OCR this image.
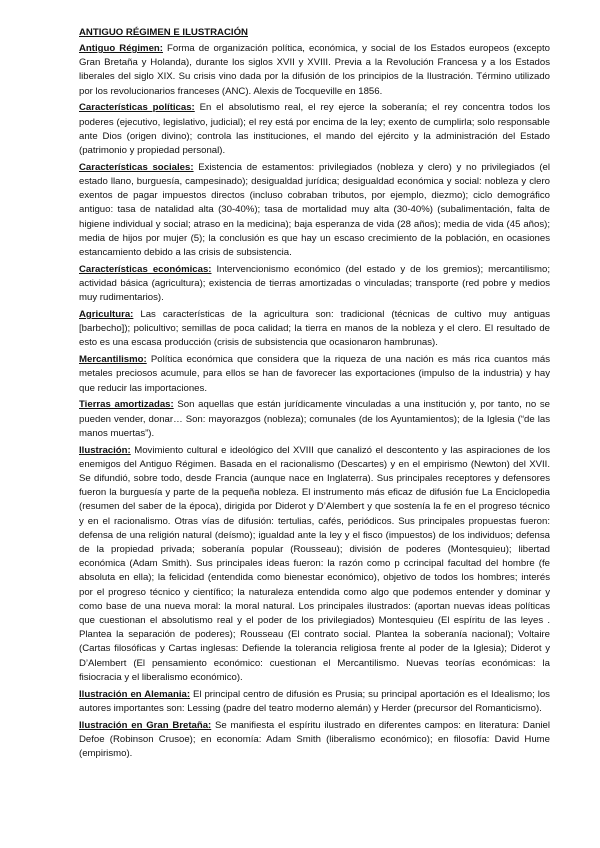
ANTIGUO RÉGIMEN E ILUSTRACIÓN

Antiguo Régimen: Forma de organización política, económica, y social de los Estados europeos (excepto Gran Bretaña y Holanda), durante los siglos XVII y XVIII. Previa a la Revolución Francesa y a los Estados liberales del siglo XIX. Su crisis vino dada por la difusión de los principios de la Ilustración. Término utilizado por los revolucionarios franceses (ANC). Alexis de Tocqueville en 1856.

Características políticas: En el absolutismo real, el rey ejerce la soberanía; el rey concentra todos los poderes (ejecutivo, legislativo, judicial); el rey está por encima de la ley; exento de cumplirla; solo responsable ante Dios (origen divino); controla las instituciones, el mando del ejército y la administración del Estado (patrimonio y propiedad personal).

Características sociales: Existencia de estamentos: privilegiados (nobleza y clero) y no privilegiados (el estado llano, burguesía, campesinado); desigualdad jurídica; desigualdad económica y social: nobleza y clero exentos de pagar impuestos directos (incluso cobraban tributos, por ejemplo, diezmo); ciclo demográfico antiguo: tasa de natalidad alta (30-40%); tasa de mortalidad muy alta (30-40%) (subalimentación, falta de higiene individual y social; atraso en la medicina); baja esperanza de vida (28 años); media de vida (45 años); media de hijos por mujer (5); la conclusión es que hay un escaso crecimiento de la población, en ocasiones estancamiento debido a las crisis de subsistencia.

Características económicas: Intervencionismo económico (del estado y de los gremios); mercantilismo; actividad básica (agricultura); existencia de tierras amortizadas o vinculadas; transporte (red pobre y medios muy rudimentarios).

Agricultura: Las características de la agricultura son: tradicional (técnicas de cultivo muy antiguas [barbecho]); policultivo; semillas de poca calidad; la tierra en manos de la nobleza y el clero. El resultado de esto es una escasa producción (crisis de subsistencia que ocasionaron hambrunas).

Mercantilismo: Política económica que considera que la riqueza de una nación es más rica cuantos más metales preciosos acumule, para ellos se han de favorecer las exportaciones (impulso de la industria) y hay que reducir las importaciones.

Tierras amortizadas: Son aquellas que están jurídicamente vinculadas a una institución y, por tanto, no se pueden vender, donar… Son: mayorazgos (nobleza); comunales (de los Ayuntamientos); de la Iglesia (“de las manos muertas”).

Ilustración: Movimiento cultural e ideológico del XVIII que canalizó el descontento y las aspiraciones de los enemigos del Antiguo Régimen. Basada en el racionalismo (Descartes) y en el empirismo (Newton) del XVII. Se difundió, sobre todo, desde Francia (aunque nace en Inglaterra). Sus principales receptores y defensores fueron la burguesía y parte de la pequeña nobleza. El instrumento más eficaz de difusión fue La Enciclopedia (resumen del saber de la época), dirigida por Diderot y D’Alembert y que sostenía la fe en el progreso técnico y en el racionalismo. Otras vías de difusión: tertulias, cafés, periódicos. Sus principales propuestas fueron: defensa de una religión natural (deísmo); igualdad ante la ley y el fisco (impuestos) de los individuos; defensa de la propiedad privada; soberanía popular (Rousseau); división de poderes (Montesquieu); libertad económica (Adam Smith). Sus principales ideas fueron: la razón como p ccrincipal facultad del hombre (fe absoluta en ella); la felicidad (entendida como bienestar económico), objetivo de todos los hombres; interés por el progreso técnico y científico; la naturaleza entendida como algo que podemos entender y dominar y como base de una nueva moral: la moral natural. Los principales ilustrados: (aportan nuevas ideas políticas que cuestionan el absolutismo real y el poder de los privilegiados) Montesquieu (El espíritu de las leyes . Plantea la separación de poderes); Rousseau (El contrato social. Plantea la soberanía nacional); Voltaire (Cartas filosóficas y Cartas inglesas: Defiende la tolerancia religiosa frente al poder de la Iglesia); Diderot y D’Alembert (El pensamiento económico: cuestionan el Mercantilismo. Nuevas teorías económicas: la fisiocracia y el liberalismo económico).

Ilustración en Alemania: El principal centro de difusión es Prusia; su principal aportación es el Idealismo; los autores importantes son: Lessing (padre del teatro moderno alemán) y Herder (precursor del Romanticismo).

Ilustración en Gran Bretaña: Se manifiesta el espíritu ilustrado en diferentes campos: en literatura: Daniel Defoe (Robinson Crusoe); en economía: Adam Smith (liberalismo económico); en filosofía: David Hume (empirismo).
